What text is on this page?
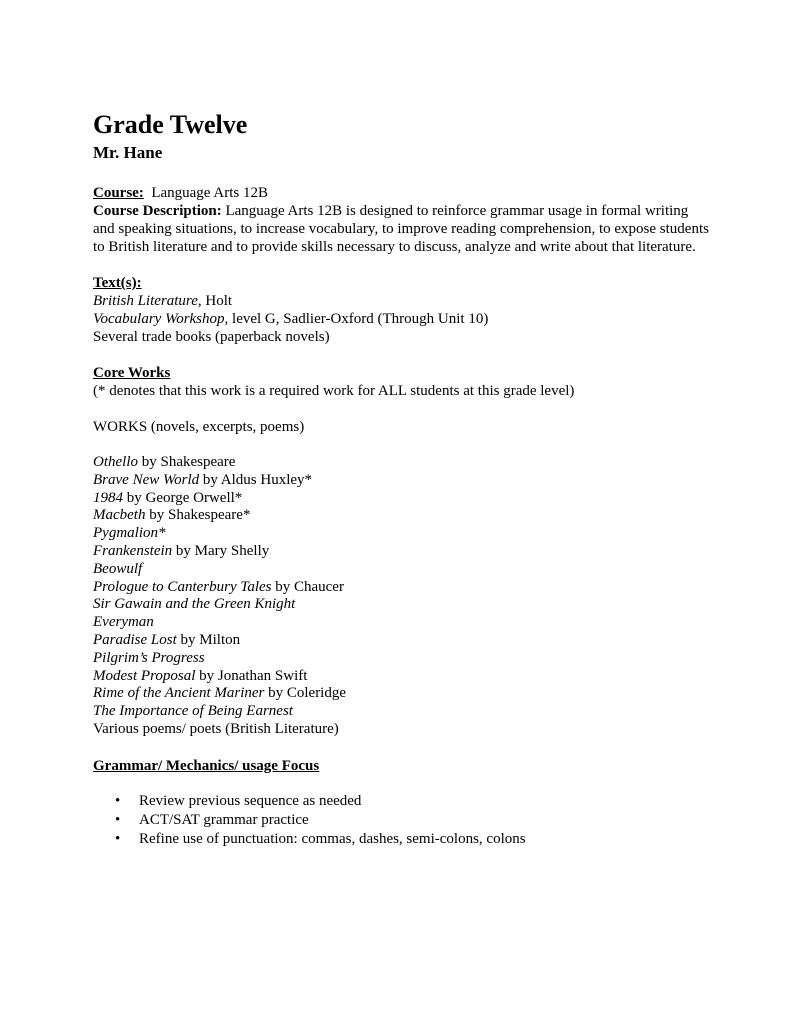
Grade Twelve
Mr. Hane

Course: Language Arts 12B

Course Description: Language Arts 12B is designed to reinforce grammar usage in formal writing and speaking situations, to increase vocabulary, to improve reading comprehension, to expose students to British literature and to provide skills necessary to discuss, analyze and write about that literature.

Text(s):

British Literature, Holt

Vocabulary Workshop, level G, Sadlier-Oxford (Through Unit 10)

Several trade books (paperback novels)

Core Works

(* denotes that this work is a required work for ALL students at this grade level)

WORKS (novels, excerpts, poems)

Othello by Shakespeare

Brave New World by Aldus Huxley*

1984 by George Orwell*

Macbeth by Shakespeare*

Pygmalion*

Frankenstein by Mary Shelly

Beowulf

Prologue to Canterbury Tales by Chaucer

Sir Gawain and the Green Knight

Everyman

Paradise Lost by Milton

Pilgrim’s Progress

Modest Proposal by Jonathan Swift

Rime of the Ancient Mariner by Coleridge

The Importance of Being Earnest

Various poems/ poets (British Literature)

Grammar/ Mechanics/ usage Focus

• Review previous sequence as needed
• ACT/SAT grammar practice
• Refine use of punctuation: commas, dashes, semi-colons, colons
